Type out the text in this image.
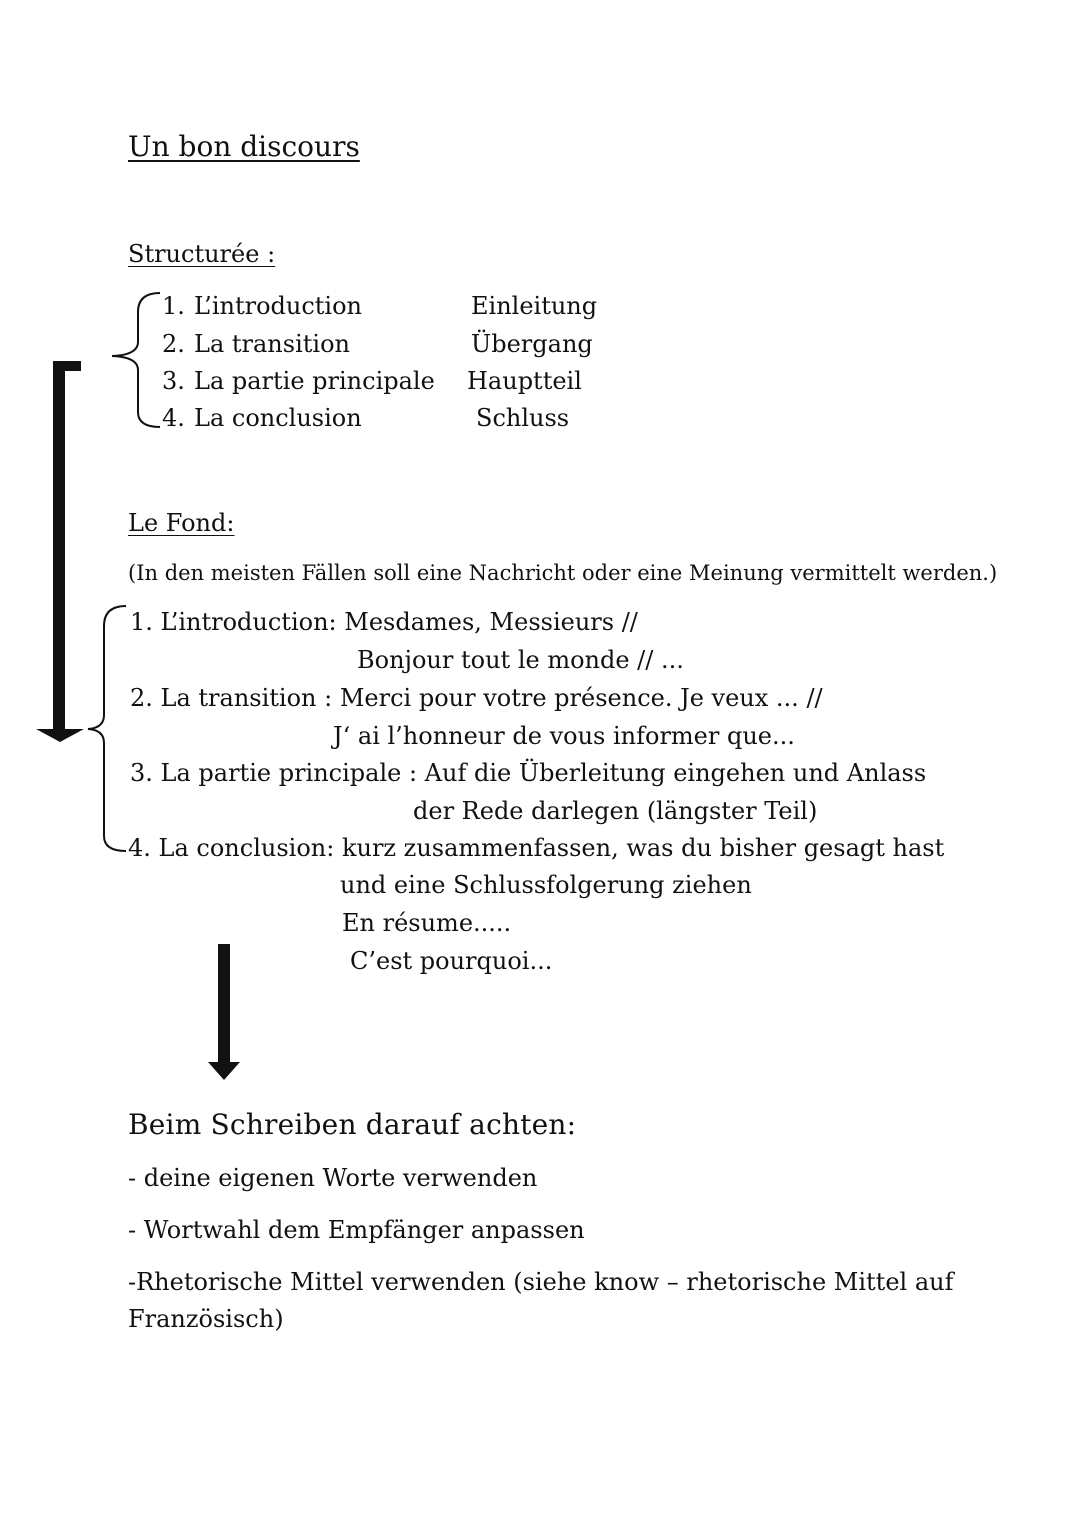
Un bon discours
Structurée :
1. L’introduction	Einleitung
2. La transition	Übergang
3. La partie principale Hauptteil
4. La conclusion	Schluss
Le Fond:
(In den meisten Fällen soll eine Nachricht oder eine Meinung vermittelt werden.)
1. L’introduction: Mesdames, Messieurs //
Bonjour tout le monde // ...
2. La transition : Merci pour votre présence. Je veux ... //
J‘ ai l’honneur de vous informer que...
3. La partie principale : Auf die Überleitung eingehen und Anlass
der Rede darlegen (längster Teil)
4. La conclusion: kurz zusammenfassen, was du bisher gesagt hast
und eine Schlussfolgerung ziehen
En résume.....
C’est pourquoi...
Beim Schreiben darauf achten:
- deine eigenen Worte verwenden
- Wortwahl dem Empfänger anpassen
-Rhetorische Mittel verwenden (siehe know – rhetorische Mittel auf
Französisch)
